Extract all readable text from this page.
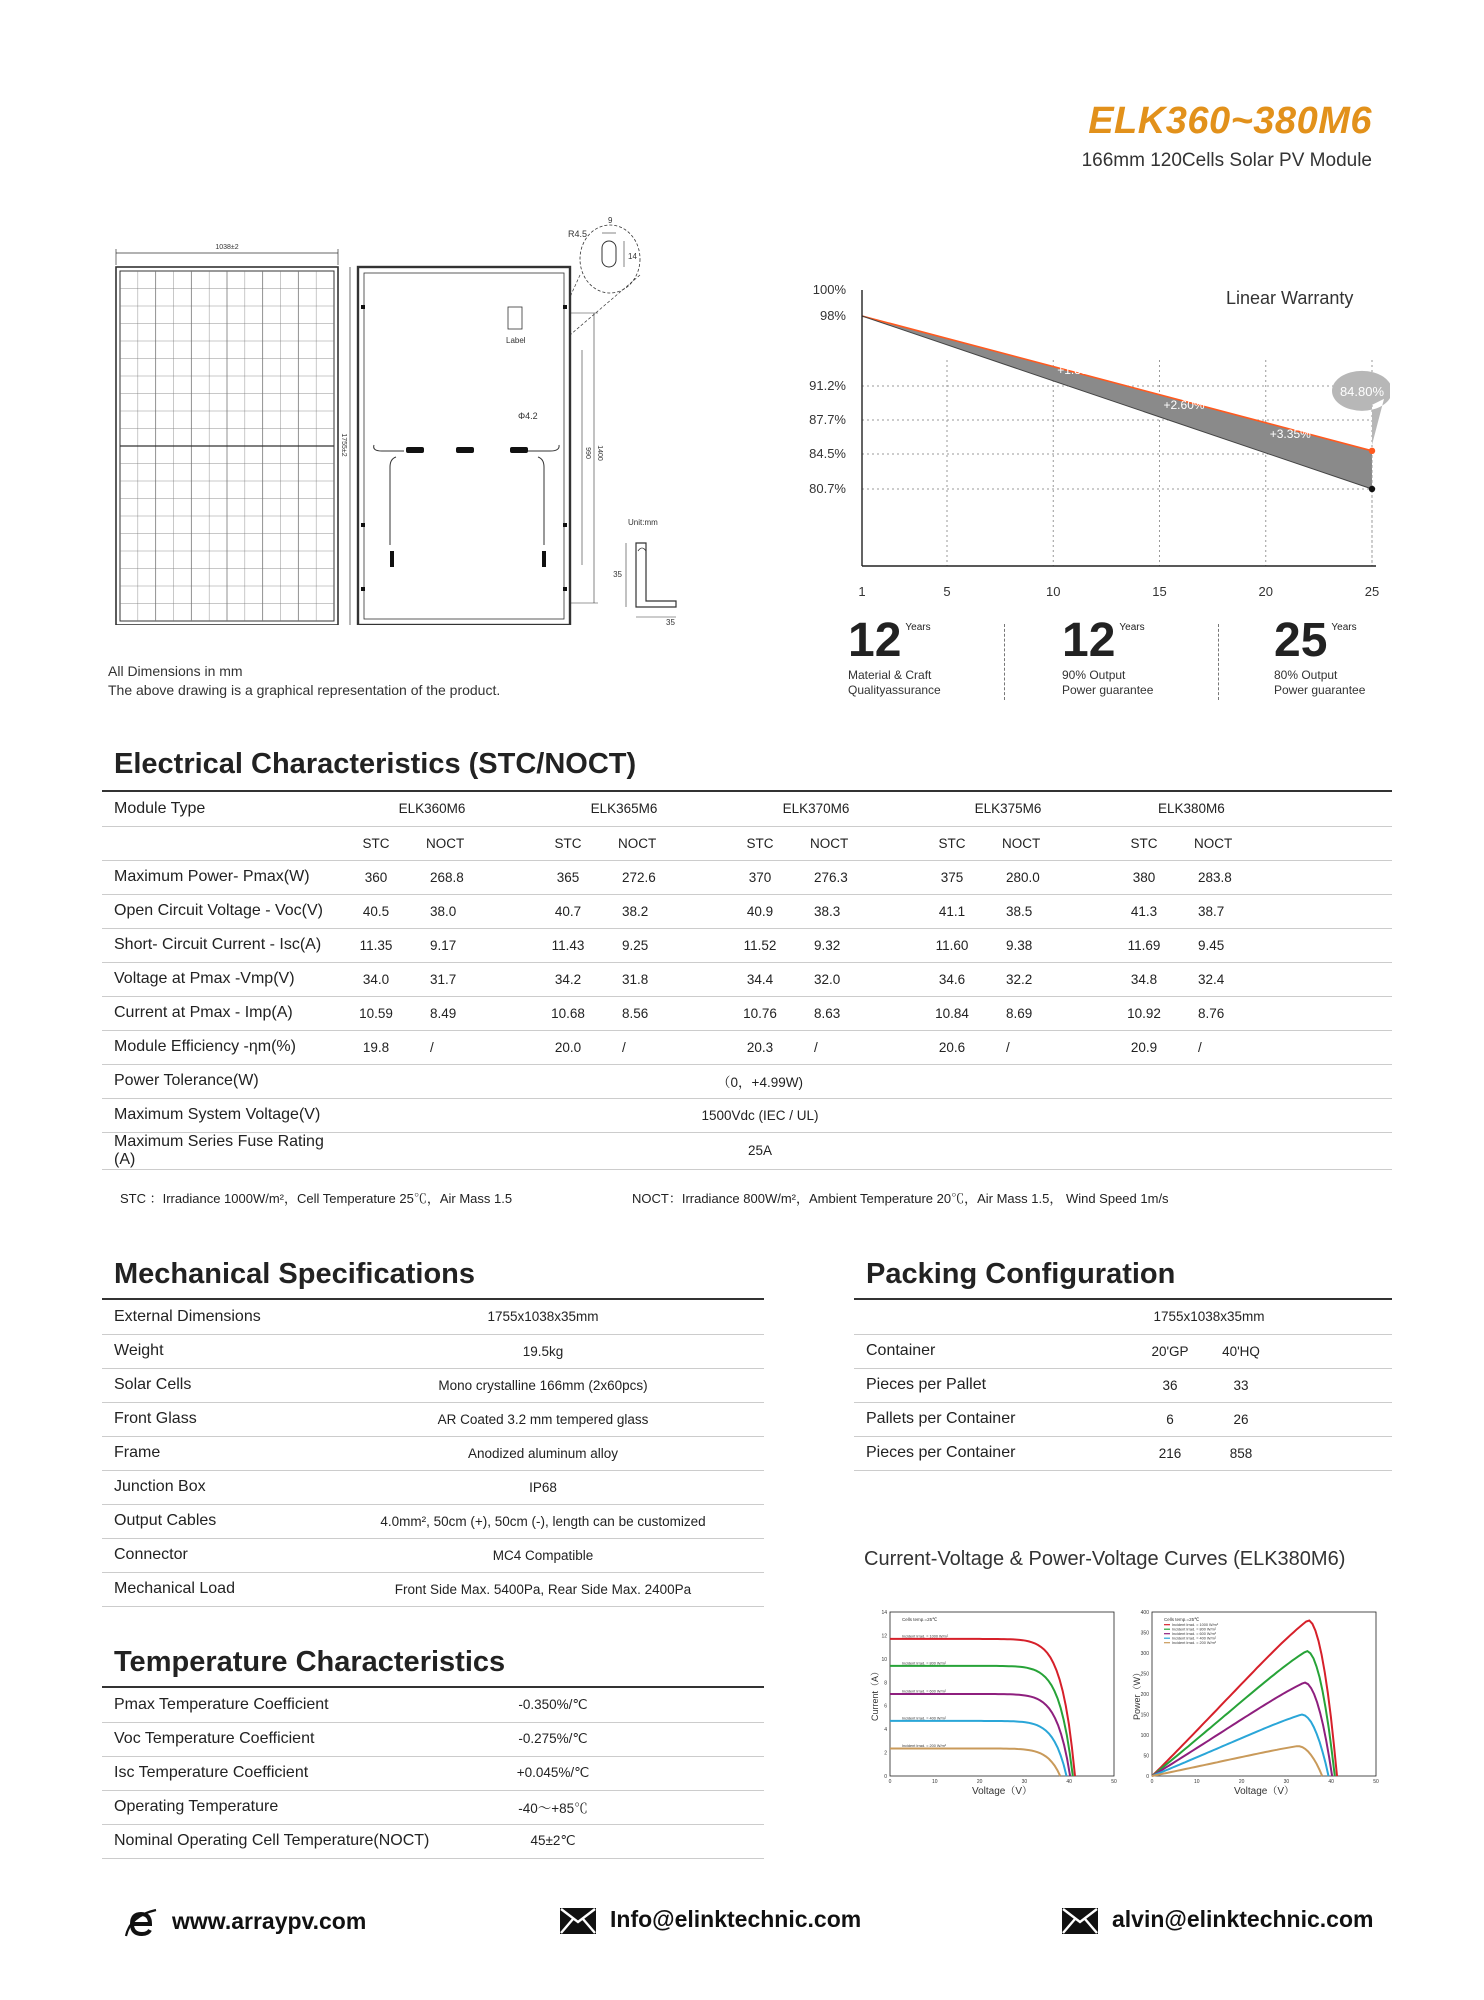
ELK360~380M6
166mm 120Cells Solar PV Module
1038±2
1755±2
R4.5
9
14
Label
Φ4.2
990 1400
Unit:mm
35
35
All Dimensions in mm
The above drawing is a graphical representation of the product.
100%
98%
91.2%
87.7%
84.5%
80.7%
1	5	10	15	20	25
+1.85%
+2.60%
+3.35%
84.80%
Linear Warranty
12 Years
Material & Craft
Qualityassurance
12 Years
90% Output
Power guarantee
25 Years
80% Output
Power guarantee
Electrical Characteristics (STC/NOCT)
Module Type	ELK360M6		ELK365M6		ELK370M6		ELK375M6		ELK380M6	
	STC	NOCT	STC	NOCT	STC	NOCT	STC	NOCT	STC	NOCT
Maximum Power- Pmax(W)	360	268.8	365	272.6	370	276.3	375	280.0	380	283.8
Open Circuit Voltage - Voc(V)	40.5	38.0	40.7	38.2	40.9	38.3	41.1	38.5	41.3	38.7
Short- Circuit Current - Isc(A)	11.35	9.17	11.43	9.25	11.52	9.32	11.60	9.38	11.69	9.45
Voltage at Pmax -Vmp(V)	34.0	31.7	34.2	31.8	34.4	32.0	34.6	32.2	34.8	32.4
Current at Pmax - Imp(A)	10.59	8.49	10.68	8.56	10.76	8.63	10.84	8.69	10.92	8.76
Module Efficiency -ηm(%)	19.8	/	20.0	/	20.3	/	20.6	/	20.9	/
Power Tolerance(W)	（0，+4.99W)									
Maximum System Voltage(V)	1500Vdc (IEC / UL)									
Maximum Series Fuse Rating (A)	25A									
STC ：Irradiance 1000W/m²，Cell Temperature 25℃，Air Mass 1.5	NOCT：Irradiance 800W/m²，Ambient Temperature 20℃，Air Mass 1.5， Wind Speed 1m/s
Mechanical Specifications
External Dimensions	1755x1038x35mm
Weight	19.5kg
Solar Cells	Mono crystalline 166mm (2x60pcs)
Front Glass	AR Coated 3.2 mm tempered glass
Frame	Anodized aluminum alloy
Junction Box	IP68
Output Cables	4.0mm², 50cm (+), 50cm (-), length can be customized
Connector	MC4 Compatible
Mechanical Load	Front Side Max. 5400Pa, Rear Side Max. 2400Pa
Packing Configuration
	1755x1038x35mm		
Container	20'GP	40'HQ	
Pieces per Pallet	36	33	
Pallets per Container	6	26	
Pieces per Container	216	858	
Temperature Characteristics
Pmax Temperature Coefficient	-0.350%/℃	
Voc Temperature Coefficient	-0.275%/℃	
Isc Temperature Coefficient	+0.045%/℃	
Operating Temperature	-40～+85℃	
Nominal Operating Cell Temperature(NOCT)	45±2℃	
Current-Voltage & Power-Voltage Curves (ELK380M6)
0	10	20	30	40	50
0
2
4
6
8
10
12
14
Voltage（V）
Current（A）
Cells temp.=25℃
Incident Irrad. = 1000 W/m²
Incident Irrad. = 800 W/m²
Incident Irrad. = 600 W/m²
Incident Irrad. = 400 W/m²
Incident Irrad. = 200 W/m²
0	10	20	30	40	50
0
50
100
150
200
250
300
350
400
Voltage（V）
Power（W）
Cells temp.=25℃
Incident Irrad. = 1000 W/m²
Incident Irrad. = 800 W/m²
Incident Irrad. = 600 W/m²
Incident Irrad. = 400 W/m²
Incident Irrad. = 200 W/m²
www.arraypv.com	Info@elinktechnic.com	alvin@elinktechnic.com
